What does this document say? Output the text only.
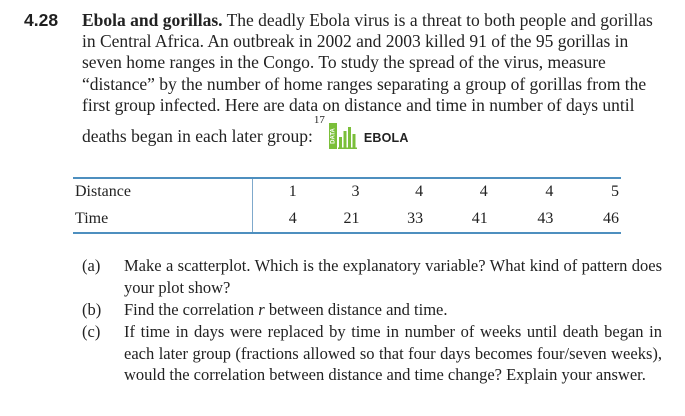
4.28 Ebola and gorillas. The deadly Ebola virus is a threat to both people and gorillas in Central Africa. An outbreak in 2002 and 2003 killed 91 of the 95 gorillas in seven home ranges in the Congo. To study the spread of the virus, measure “distance” by the number of home ranges separating a group of gorillas from the first group infected. Here are data on distance and time in number of days until deaths began in each later group:$^{17}$
DATA EBOLA
Distance	1	3	4	4	4	5
Time	4	21	33	41	43	46
(a)	Make a scatterplot. Which is the explanatory variable? What kind of pattern does your plot show?
(b)	Find the correlation r between distance and time.
(c)	If time in days were replaced by time in number of weeks until death began in each later group (fractions allowed so that four days becomes four/seven weeks), would the correlation between distance and time change? Explain your answer.
